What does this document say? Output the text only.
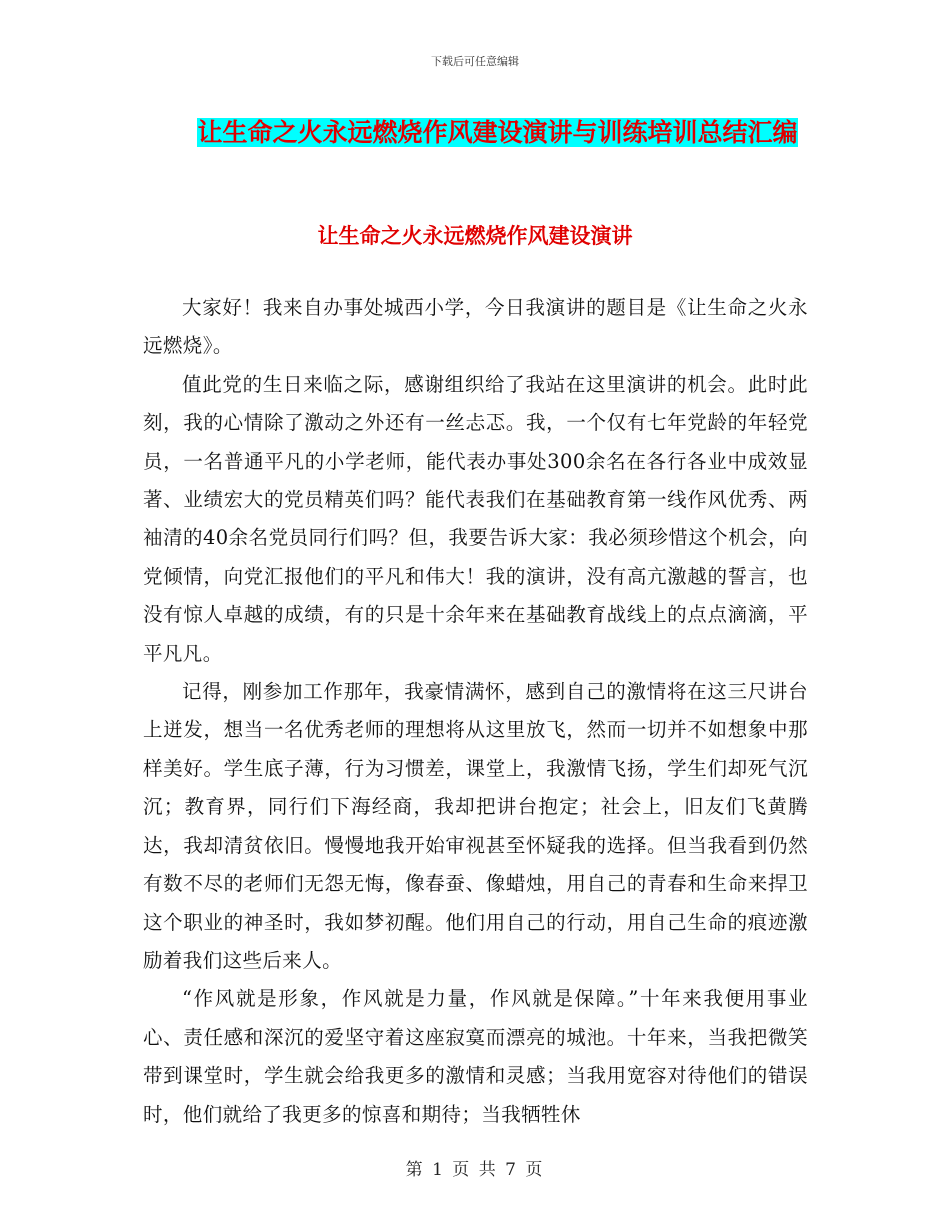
下载后可任意编辑
让生命之火永远燃烧作风建设演讲与训练培训总结汇编
让生命之火永远燃烧作风建设演讲

大家好！我来自办事处城西小学，今日我演讲的题目是《让生命之火永远燃烧》。

值此党的生日来临之际，感谢组织给了我站在这里演讲的机会。此时此刻，我的心情除了激动之外还有一丝忐忑。我，一个仅有七年党龄的年轻党员，一名普通平凡的小学老师，能代表办事处300余名在各行各业中成效显著、业绩宏大的党员精英们吗？能代表我们在基础教育第一线作风优秀、两袖清的40余名党员同行们吗？但，我要告诉大家：我必须珍惜这个机会，向党倾情，向党汇报他们的平凡和伟大！我的演讲，没有高亢激越的誓言，也没有惊人卓越的成绩，有的只是十余年来在基础教育战线上的点点滴滴，平平凡凡。

记得，刚参加工作那年，我豪情满怀，感到自己的激情将在这三尺讲台上迸发，想当一名优秀老师的理想将从这里放飞，然而一切并不如想象中那样美好。学生底子薄，行为习惯差，课堂上，我激情飞扬，学生们却死气沉沉；教育界，同行们下海经商，我却把讲台抱定；社会上，旧友们飞黄腾达，我却清贫依旧。慢慢地我开始审视甚至怀疑我的选择。但当我看到仍然有数不尽的老师们无怨无悔，像春蚕、像蜡烛，用自己的青春和生命来捍卫这个职业的神圣时，我如梦初醒。他们用自己的行动，用自己生命的痕迹激励着我们这些后来人。

“作风就是形象，作风就是力量，作风就是保障。”十年来我便用事业心、责任感和深沉的爱坚守着这座寂寞而漂亮的城池。十年来，当我把微笑带到课堂时，学生就会给我更多的激情和灵感；当我用宽容对待他们的错误时，他们就给了我更多的惊喜和期待；当我牺牲休

第 1 页 共 7 页
